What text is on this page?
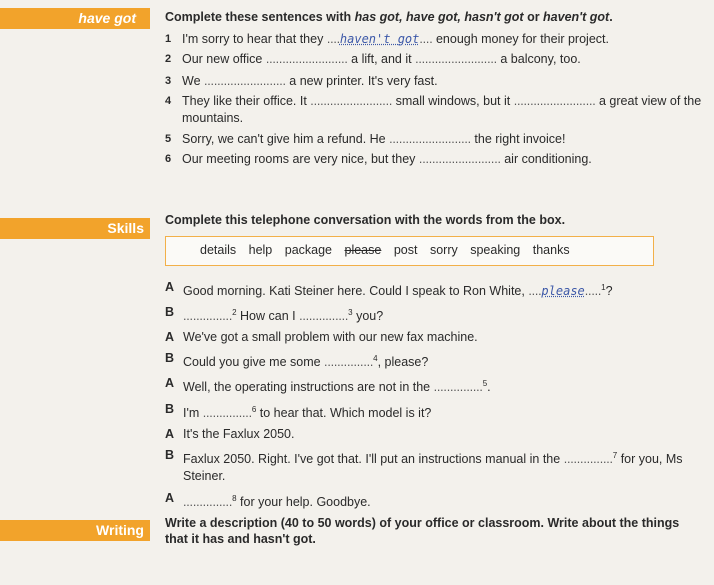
have got	Complete these sentences with has got, have got, hasn't got or haven't got.
1 I'm sorry to hear that they ....haven't got.... enough money for their project.
2 Our new office ......................... a lift, and it ......................... a balcony, too.
3 We ......................... a new printer. It's very fast.
4 They like their office. It ......................... small windows, but it ......................... a great view of the mountains.
5 Sorry, we can't give him a refund. He ......................... the right invoice!
6 Our meeting rooms are very nice, but they ......................... air conditioning.
Skills	Complete this telephone conversation with the words from the box.
details help package please post sorry speaking thanks
A Good morning. Kati Steiner here. Could I speak to Ron White, ....please.....$^1$?
B ...............$^2$ How can I ...............$^3$ you?
A We've got a small problem with our new fax machine.
B Could you give me some ...............$^4$, please?
A Well, the operating instructions are not in the ...............$^5$.
B I'm ...............$^6$ to hear that. Which model is it?
A It's the Faxlux 2050.
B Faxlux 2050. Right. I've got that. I'll put an instructions manual in the ...............$^7$ for you, Ms Steiner.
A ...............$^8$ for your help. Goodbye.
Writing	Write a description (40 to 50 words) of your office or classroom. Write about the things that it has and hasn't got.
